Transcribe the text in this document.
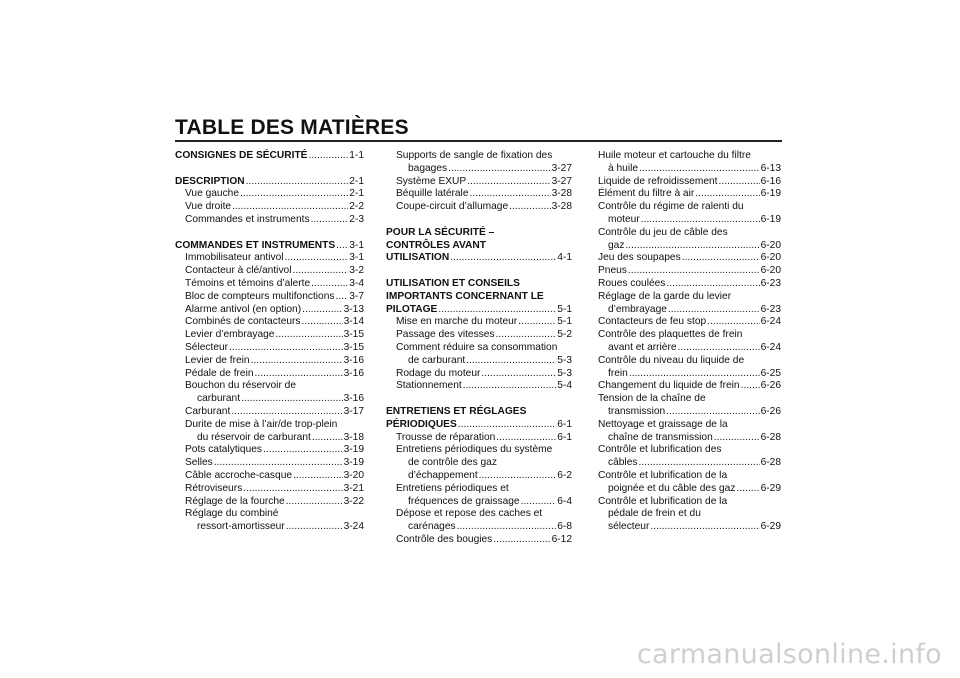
TABLE DES MATIÈRES
CONSIGNES DE SÉCURITÉ . . .	1-1
DESCRIPTION . . .	2-1
Vue gauche . . .	2-1
Vue droite . . .	2-2
Commandes et instruments . . .	2-3
COMMANDES ET INSTRUMENTS . . . 3-1
Immobilisateur antivol . . .	3-1
Contacteur à clé/antivol . . .	3-2
Témoins et témoins d’alerte . . .	3-4
Bloc de compteurs multifonctions . . . 3-7
Alarme antivol (en option) . . .	3-13
Combinés de contacteurs . . .	3-14
Levier d’embrayage . . .	3-15
Sélecteur . . .	3-15
Levier de frein . . .	3-16
Pédale de frein . . .	3-16
Bouchon du réservoir de
carburant . . .	3-16
Carburant . . .	3-17
Durite de mise à l’air/de trop-plein
du réservoir de carburant . . .	3-18
Pots catalytiques . . .	3-19
Selles . . .	3-19
Câble accroche-casque . . .	3-20
Rétroviseurs . . .	3-21
Réglage de la fourche . . .	3-22
Réglage du combiné
ressort-amortisseur . . .	3-24
Supports de sangle de fixation des
bagages . . .	3-27
Système EXUP . . .	3-27
Béquille latérale . . .	3-28
Coupe-circuit d’allumage . . .	3-28
POUR LA SÉCURITÉ –
CONTRÔLES AVANT
UTILISATION . . .	4-1
UTILISATION ET CONSEILS
IMPORTANTS CONCERNANT LE
PILOTAGE . . .	5-1
Mise en marche du moteur . . .	5-1
Passage des vitesses . . .	5-2
Comment réduire sa consommation
de carburant . . .	5-3
Rodage du moteur . . .	5-3
Stationnement . . .	5-4
ENTRETIENS ET RÉGLAGES
PÉRIODIQUES . . .	6-1
Trousse de réparation . . .	6-1
Entretiens périodiques du système
de contrôle des gaz
d’échappement . . .	6-2
Entretiens périodiques et
fréquences de graissage . . .	6-4
Dépose et repose des caches et
carénages . . .	6-8
Contrôle des bougies . . .	6-12
Huile moteur et cartouche du filtre
à huile . . .	6-13
Liquide de refroidissement . . .	6-16
Élément du filtre à air . . .	6-19
Contrôle du régime de ralenti du
moteur . . .	6-19
Contrôle du jeu de câble des
gaz . . .	6-20
Jeu des soupapes . . .	6-20
Pneus . . .	6-20
Roues coulées . . .	6-23
Réglage de la garde du levier
d’embrayage . . .	6-23
Contacteurs de feu stop . . .	6-24
Contrôle des plaquettes de frein
avant et arrière . . .	6-24
Contrôle du niveau du liquide de
frein . . .	6-25
Changement du liquide de frein . . . 6-26
Tension de la chaîne de
transmission . . .	6-26
Nettoyage et graissage de la
chaîne de transmission . . .	6-28
Contrôle et lubrification des
câbles . . .	6-28
Contrôle et lubrification de la
poignée et du câble des gaz . . . 6-29
Contrôle et lubrification de la
pédale de frein et du
sélecteur . . .	6-29
carmanualsonline.info
